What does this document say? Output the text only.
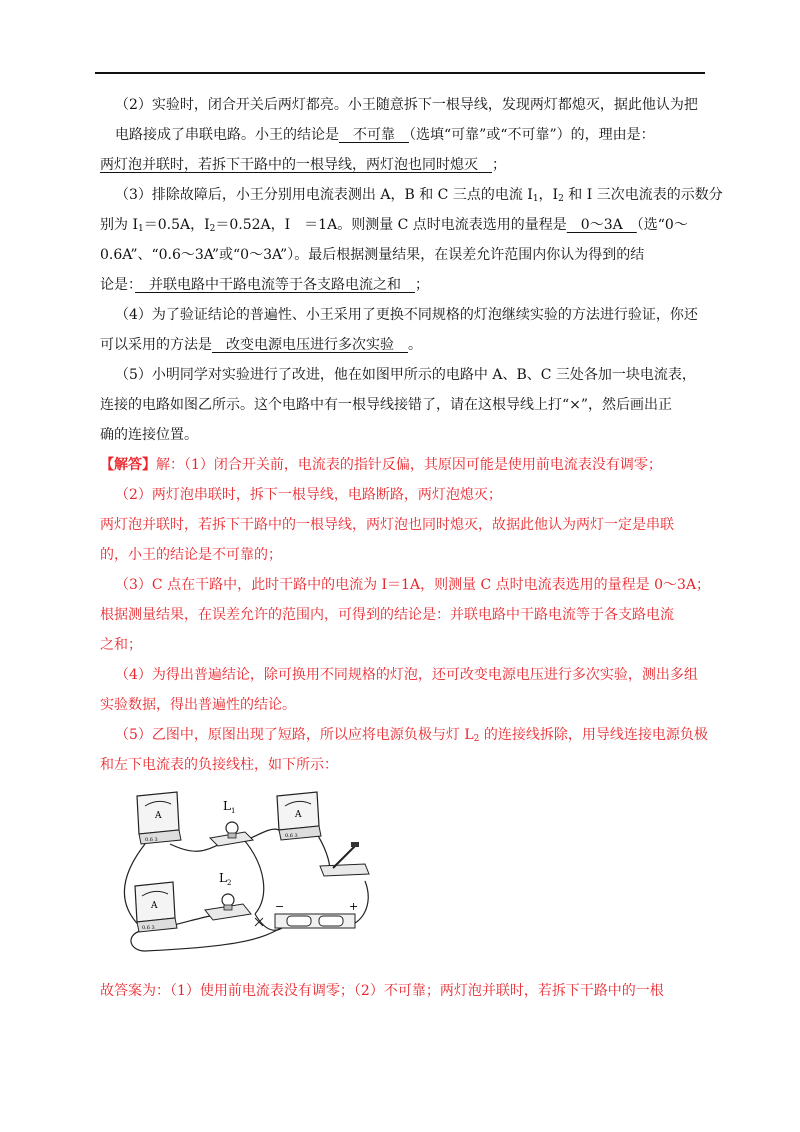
（2）实验时，闭合开关后两灯都亮。小王随意拆下一根导线，发现两灯都熄灭，据此他认为把
电路接成了串联电路。小王的结论是　不可靠　（选填“可靠”或“不可靠”）的，理由是：
两灯泡并联时，若拆下干路中的一根导线，两灯泡也同时熄灭　；
（3）排除故障后，小王分别用电流表测出 A，B 和 C 三点的电流 $I_1$，$I_2$ 和 I 三次电流表的示数分
别为 $I_1=0.5A$，$I_2=0.52A$，I　＝1A。则测量 C 点时电流表选用的量程是　0～3A　（选“0～
0.6A”、“0.6～3A”或“0～3A”）。最后根据测量结果，在误差允许范围内你认为得到的结
论是：　并联电路中干路电流等于各支路电流之和　；
（4）为了验证结论的普遍性、小王采用了更换不同规格的灯泡继续实验的方法进行验证，你还
可以采用的方法是　改变电源电压进行多次实验　。
（5）小明同学对实验进行了改进，他在如图甲所示的电路中 A、B、C 三处各加一块电流表，
连接的电路如图乙所示。这个电路中有一根导线接错了，请在这根导线上打“×”，然后画出正
确的连接位置。
【解答】解：（1）闭合开关前，电流表的指针反偏，其原因可能是使用前电流表没有调零；
（2）两灯泡串联时，拆下一根导线，电路断路，两灯泡熄灭；
两灯泡并联时，若拆下干路中的一根导线，两灯泡也同时熄灭，故据此他认为两灯一定是串联
的，小王的结论是不可靠的；
（3）C 点在干路中，此时干路中的电流为 I＝1A，则测量 C 点时电流表选用的量程是 0～3A；
根据测量结果，在误差允许的范围内，可得到的结论是：并联电路中干路电流等于各支路电流
之和；
（4）为得出普遍结论，除可换用不同规格的灯泡，还可改变电源电压进行多次实验，测出多组
实验数据，得出普遍性的结论。
（5）乙图中，原图出现了短路，所以应将电源负极与灯 $L_2$ 的连接线拆除，用导线连接电源负极
和左下电流表的负接线柱，如下所示：
A
0.6 3
L 1	A
0.6 3
A
0.6 3
L 2
−	+
故答案为：（1）使用前电流表没有调零；（2）不可靠；两灯泡并联时，若拆下干路中的一根
